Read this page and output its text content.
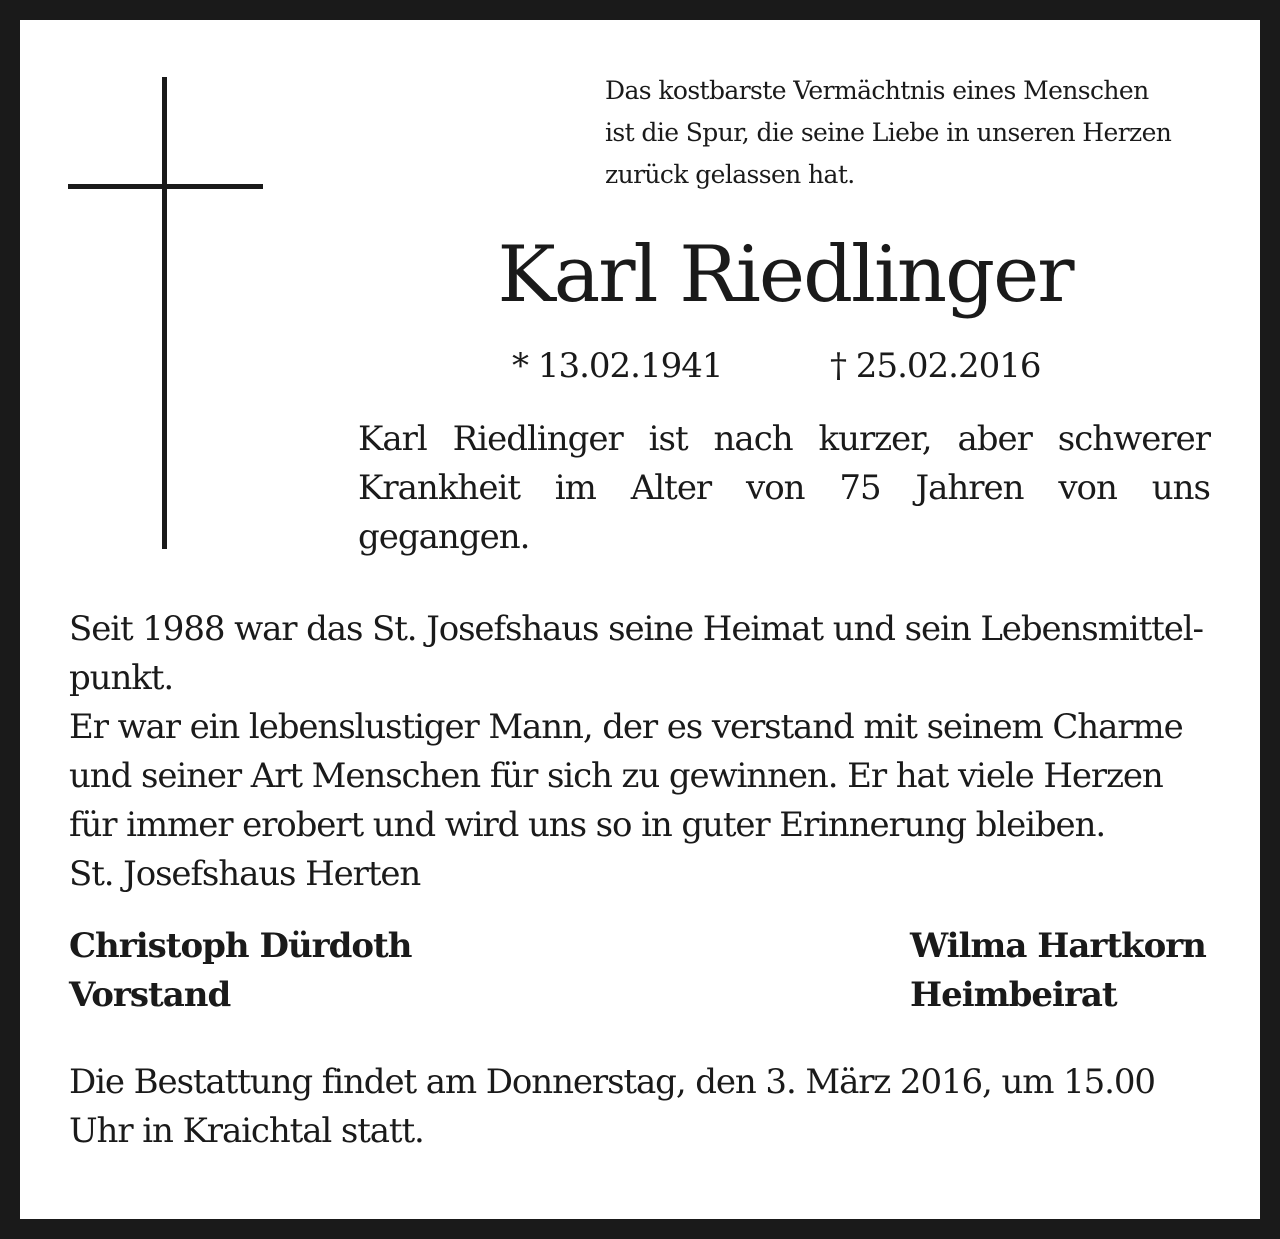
Das kostbarste Vermächtnis eines Menschen
ist die Spur, die seine Liebe in unseren Herzen
zurück gelassen hat.

Karl Riedlinger
* 13.02.1941	† 25.02.2016

Karl Riedlinger ist nach kurzer, aber schwerer Krankheit im Alter von 75 Jahren von uns gegangen.

Seit 1988 war das St. Josefshaus seine Heimat und sein Lebensmittel-
punkt.
Er war ein lebenslustiger Mann, der es verstand mit seinem Charme
und seiner Art Menschen für sich zu gewinnen. Er hat viele Herzen
für immer erobert und wird uns so in guter Erinnerung bleiben.
St. Josefshaus Herten

Christoph Dürdoth
Vorstand
Wilma Hartkorn
Heimbeirat

Die Bestattung findet am Donnerstag, den 3. März 2016, um 15.00
Uhr in Kraichtal statt.
